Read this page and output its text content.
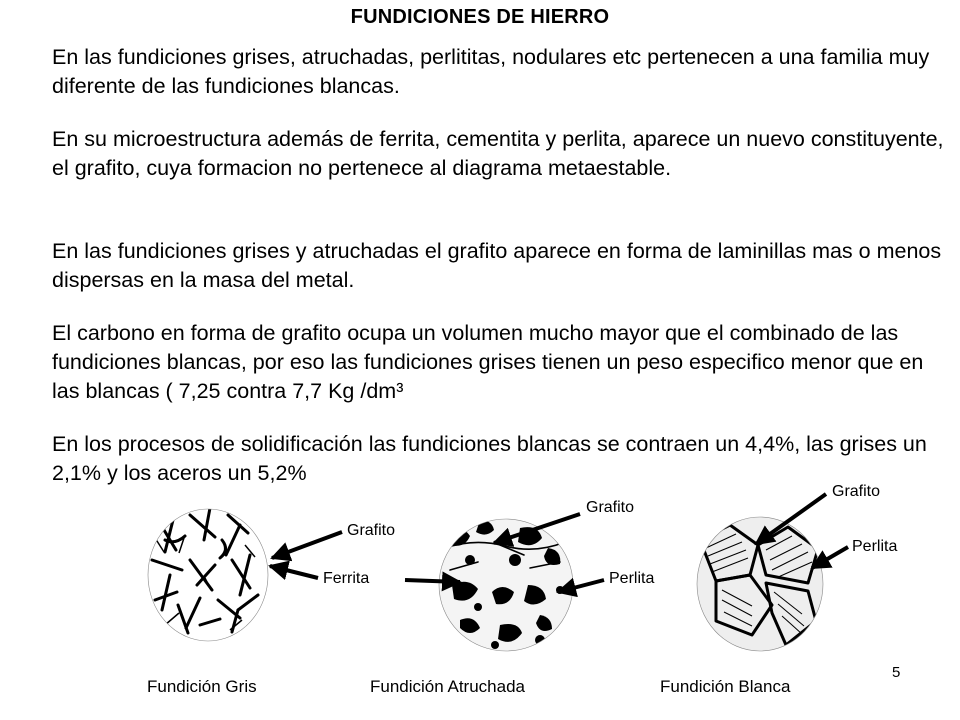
FUNDICIONES DE HIERRO

En las fundiciones grises, atruchadas, perlititas, nodulares etc pertenecen a una familia muy diferente de las fundiciones blancas.

En su microestructura además de ferrita, cementita y perlita, aparece un nuevo constituyente, el grafito, cuya formacion no pertenece al diagrama metaestable.

En las fundiciones grises y atruchadas el grafito aparece en forma de laminillas mas o menos dispersas en la masa del metal.

El carbono en forma de grafito ocupa un volumen mucho mayor que el combinado de las fundiciones blancas, por eso las fundiciones grises tienen un peso especifico menor que en las blancas ( 7,25 contra 7,7 Kg /dm³

En los procesos de solidificación las fundiciones blancas se contraen un 4,4%, las grises un 2,1% y los aceros un 5,2%

Grafito
Ferrita
Grafito
Perlita
Grafito
Perlita
Fundición Gris	Fundición Atruchada	Fundición Blanca
5
